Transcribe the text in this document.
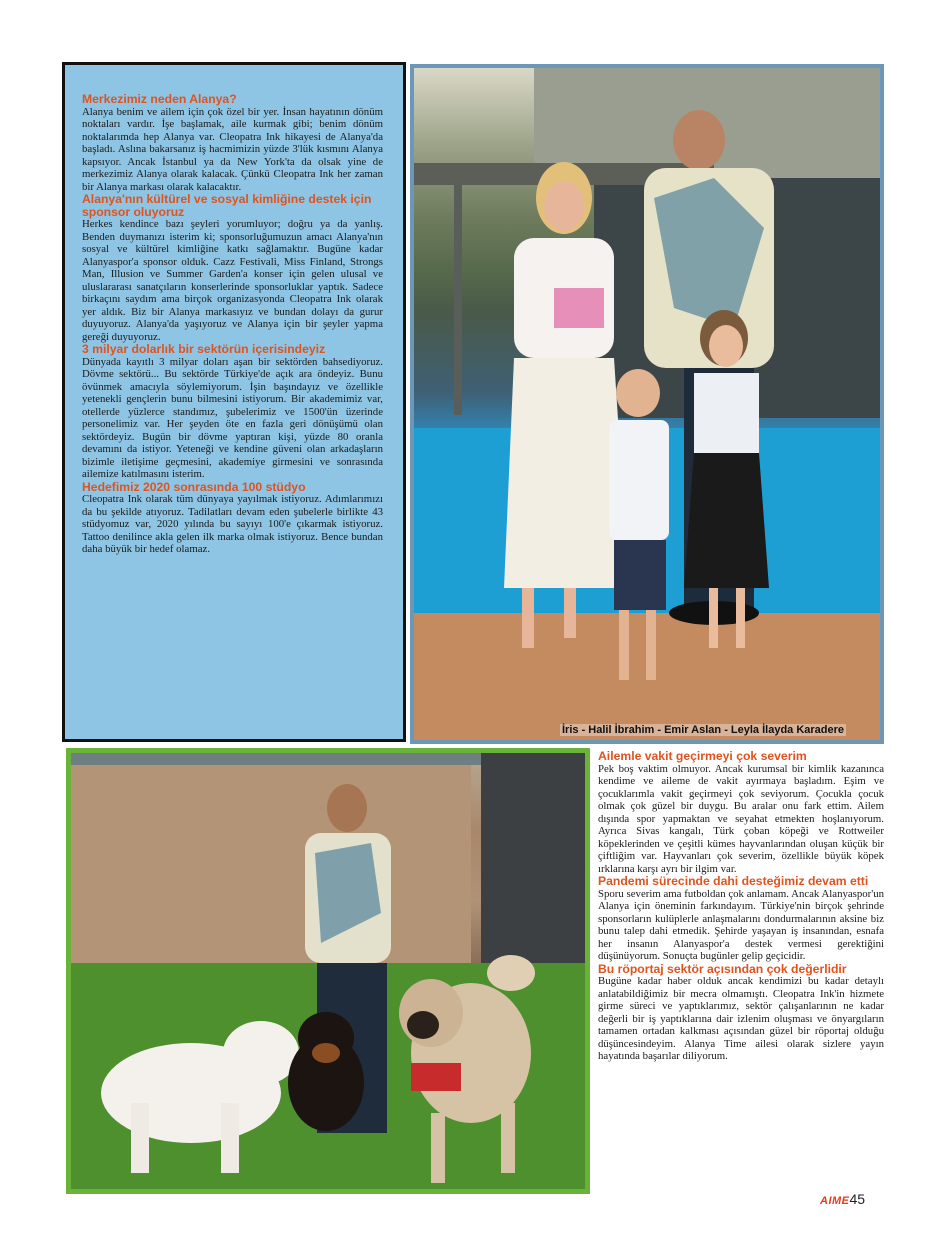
Merkezimiz neden Alanya?

Alanya benim ve ailem için çok özel bir yer. İnsan hayatının dönüm noktaları vardır. İşe başlamak, aile kurmak gibi; benim dönüm noktalarımda hep Alanya var. Cleopatra Ink hikayesi de Alanya'da başladı. Aslına bakarsanız iş hacmimizin yüzde 3'lük kısmını Alanya kapsıyor. Ancak İstanbul ya da New York'ta da olsak yine de merkezimiz Alanya olarak kalacak. Çünkü Cleopatra Ink her zaman bir Alanya markası olarak kalacaktır.

Alanya'nın kültürel ve sosyal kimliğine destek için sponsor oluyoruz

Herkes kendince bazı şeyleri yorumluyor; doğru ya da yanlış. Benden duymanızı isterim ki; sponsorluğumuzun amacı Alanya'nın sosyal ve kültürel kimliğine katkı sağlamaktır. Bugüne kadar Alanyaspor'a sponsor olduk. Cazz Festivali, Miss Finland, Strongs Man, Illusion ve Summer Garden'a konser için gelen ulusal ve uluslararası sanatçıların konserlerinde sponsorluklar yaptık. Sadece birkaçını saydım ama birçok organizasyonda Cleopatra Ink olarak yer aldık. Biz bir Alanya markasıyız ve bundan dolayı da gurur duyuyoruz. Alanya'da yaşıyoruz ve Alanya için bir şeyler yapma gereği duyuyoruz.

3 milyar dolarlık bir sektörün içerisindeyiz

Dünyada kayıtlı 3 milyar doları aşan bir sektörden bahsediyoruz. Dövme sektörü... Bu sektörde Türkiye'de açık ara öndeyiz. Bunu övünmek amacıyla söylemiyorum. İşin başındayız ve özellikle yetenekli gençlerin bunu bilmesini istiyorum. Bir akademimiz var, otellerde yüzlerce standımız, şubelerimiz ve 1500'ün üzerinde personelimiz var. Her şeyden öte en fazla geri dönüşümü olan sektördeyiz. Bugün bir dövme yaptıran kişi, yüzde 80 oranla devamını da istiyor. Yeteneği ve kendine güveni olan arkadaşların bizimle iletişime geçmesini, akademiye girmesini ve sonrasında ailemize katılmasını isterim.

Hedefimiz 2020 sonrasında 100 stüdyo

Cleopatra Ink olarak tüm dünyaya yayılmak istiyoruz. Adımlarımızı da bu şekilde atıyoruz. Tadilatları devam eden şubelerle birlikte 43 stüdyomuz var, 2020 yılında bu sayıyı 100'e çıkarmak istiyoruz. Tattoo denilince akla gelen ilk marka olmak istiyoruz. Bence bundan daha büyük bir hedef olamaz.

İris - Halil İbrahim - Emir Aslan - Leyla İlayda Karadere
Ailemle vakit geçirmeyi çok severim

Pek boş vaktim olmuyor. Ancak kurumsal bir kimlik kazanınca kendime ve aileme de vakit ayırmaya başladım. Eşim ve çocuklarımla vakit geçirmeyi çok seviyorum. Çocukla çocuk olmak çok güzel bir duygu. Bu aralar onu fark ettim. Ailem dışında spor yapmaktan ve seyahat etmekten hoşlanıyorum. Ayrıca Sivas kangalı, Türk çoban köpeği ve Rottweiler köpeklerinden ve çeşitli kümes hayvanlarından oluşan küçük bir çiftliğim var. Hayvanları çok severim, özellikle büyük köpek ırklarına karşı ayrı bir ilgim var.

Pandemi sürecinde dahi desteğimiz devam etti

Sporu severim ama futboldan çok anlamam. Ancak Alanyaspor'un Alanya için öneminin farkındayım. Türkiye'nin birçok şehrinde sponsorların kulüplerle anlaşmalarını dondurmalarının aksine biz bunu talep dahi etmedik. Şehirde yaşayan iş insanından, esnafa her insanın Alanyaspor'a destek vermesi gerektiğini düşünüyorum. Sonuçta bugünler gelip geçicidir.

Bu röportaj sektör açısından çok değerlidir

Bugüne kadar haber olduk ancak kendimizi bu kadar detaylı anlatabildiğimiz bir mecra olmamıştı. Cleopatra Ink'in hizmete girme süreci ve yaptıklarımız, sektör çalışanlarının ne kadar değerli bir iş yaptıklarına dair izlenim oluşması ve önyargıların tamamen ortadan kalkması açısından güzel bir röportaj olduğu düşüncesindeyim. Alanya Time ailesi olarak sizlere yayın hayatında başarılar diliyorum.

AIME45
